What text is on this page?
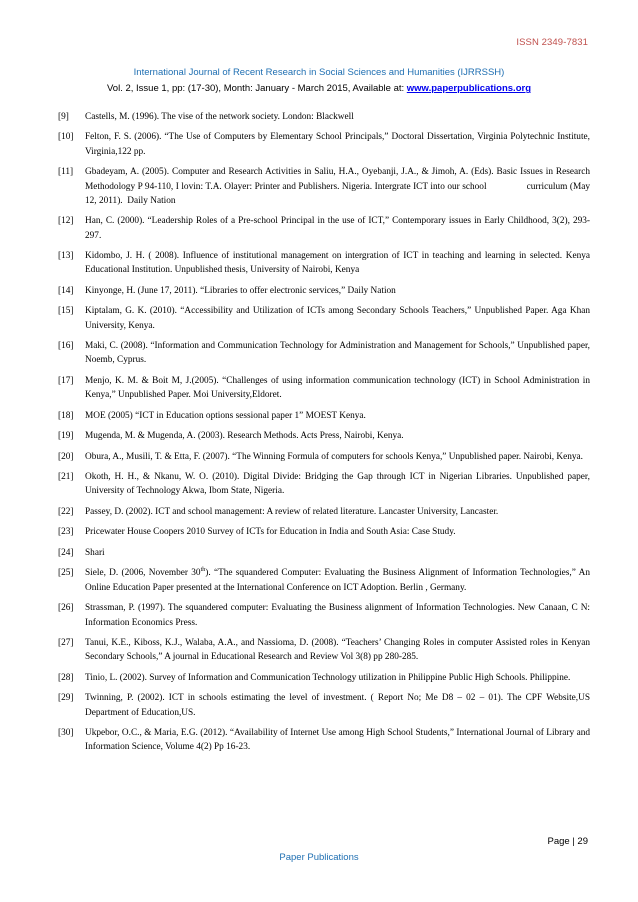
ISSN 2349-7831
International Journal of Recent Research in Social Sciences and Humanities (IJRRSSH)
Vol. 2, Issue 1, pp: (17-30), Month: January - March 2015, Available at: www.paperpublications.org
[9] Castells, M. (1996). The vise of the network society. London: Blackwell
[10] Felton, F. S. (2006). “The Use of Computers by Elementary School Principals,” Doctoral Dissertation, Virginia Polytechnic Institute, Virginia,122 pp.
[11] Gbadeyam, A. (2005). Computer and Research Activities in Saliu, H.A., Oyebanji, J.A., & Jimoh, A. (Eds). Basic Issues in Research Methodology P 94-110, I lovin: T.A. Olayer: Printer and Publishers. Nigeria. Intergrate ICT into our school                curriculum (May 12, 2011).  Daily Nation
[12] Han, C. (2000). “Leadership Roles of a Pre-school Principal in the use of ICT,” Contemporary issues in Early Childhood, 3(2), 293-297.
[13] Kidombo, J. H. ( 2008). Influence of institutional management on intergration of ICT in teaching and learning in selected. Kenya Educational Institution. Unpublished thesis, University of Nairobi, Kenya
[14] Kinyonge, H. (June 17, 2011). “Libraries to offer electronic services,” Daily Nation
[15] Kiptalam, G. K. (2010). “Accessibility and Utilization of ICTs among Secondary Schools Teachers,” Unpublished Paper. Aga Khan University, Kenya.
[16] Maki, C. (2008). “Information and Communication Technology for Administration and Management for Schools,” Unpublished paper, Noemb, Cyprus.
[17] Menjo, K. M. & Boit M, J.(2005). “Challenges of using information communication technology (ICT) in School Administration in Kenya,” Unpublished Paper. Moi University,Eldoret.
[18] MOE (2005) “ICT in Education options sessional paper 1” MOEST Kenya.
[19] Mugenda, M. & Mugenda, A. (2003). Research Methods. Acts Press, Nairobi, Kenya.
[20] Obura, A., Musili, T. & Etta, F. (2007). “The Winning Formula of computers for schools Kenya,” Unpublished paper. Nairobi, Kenya.
[21] Okoth, H. H., & Nkanu, W. O. (2010). Digital Divide: Bridging the Gap through ICT in Nigerian Libraries. Unpublished paper, University of Technology Akwa, Ibom State, Nigeria.
[22] Passey, D. (2002). ICT and school management: A review of related literature. Lancaster University, Lancaster.
[23] Pricewater House Coopers 2010 Survey of ICTs for Education in India and South Asia: Case Study.
[24] Shari
[25] Siele, D. (2006, November 30th). “The squandered Computer: Evaluating the Business Alignment of Information Technologies,” An Online Education Paper presented at the International Conference on ICT Adoption. Berlin , Germany.
[26] Strassman, P. (1997). The squandered computer: Evaluating the Business alignment of Information Technologies. New Canaan, C N: Information Economics Press.
[27] Tanui, K.E., Kiboss, K.J., Walaba, A.A., and Nassioma, D. (2008). “Teachers’ Changing Roles in computer Assisted roles in Kenyan Secondary Schools,” A journal in Educational Research and Review Vol 3(8) pp 280-285.
[28] Tinio, L. (2002). Survey of Information and Communication Technology utilization in Philippine Public High Schools. Philippine.
[29] Twinning, P. (2002). ICT in schools estimating the level of investment. ( Report No; Me D8 – 02 – 01). The CPF Website,US Department of Education,US.
[30] Ukpebor, O.C., & Maria, E.G. (2012). “Availability of Internet Use among High School Students,” International Journal of Library and Information Science, Volume 4(2) Pp 16-23.
Page | 29
Paper Publications
